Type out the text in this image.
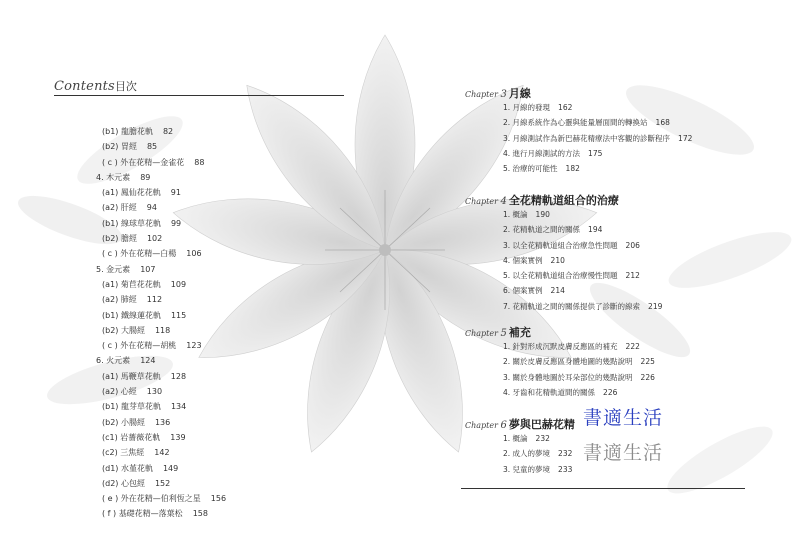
Contents目次
(b1) 龍膽花軌 82
(b2) 胃經 85
( c ) 外在花精—金雀花 88
4. 木元素 89
(a1) 鳳仙花花軌 91
(a2) 肝經 94
(b1) 線球草花軌 99
(b2) 膽經 102
( c ) 外在花精—白楊 106
5. 金元素 107
(a1) 菊苣花花軌 109
(a2) 肺經 112
(b1) 鐵線蓮花軌 115
(b2) 大腸經 118
( c ) 外在花精—胡桃 123
6. 火元素 124
(a1) 馬鞭草花軌 128
(a2) 心經 130
(b1) 龍芽草花軌 134
(b2) 小腸經 136
(c1) 岩薔薇花軌 139
(c2) 三焦經 142
(d1) 水堇花軌 149
(d2) 心包經 152
( e ) 外在花精—伯利恆之星 156
( f ) 基礎花精—落葉松 158
Chapter 3 月線
1. 月線的發現 162
2. 月線系統作為心靈與能量層面間的轉換站 168
3. 月線測試作為新巴赫花精療法中客觀的診斷程序 172
4. 進行月線測試的方法 175
5. 治療的可能性 182
Chapter 4 全花精軌道組合的治療
1. 概論 190
2. 花精軌道之間的關係 194
3. 以全花精軌道組合治療急性問題 206
4. 個案實例 210
5. 以全花精軌道組合治療慢性問題 212
6. 個案實例 214
7. 花精軌道之間的關係提供了診斷的線索 219
Chapter 5 補充
1. 針對形成沉默皮膚反應區的補充 222
2. 關於皮膚反應區身體地圖的幾點說明 225
3. 關於身體地圖於耳朵部位的幾點說明 226
4. 牙齒和花精軌道間的關係 226
Chapter 6 夢與巴赫花精
1. 概論 232
2. 成人的夢境 232
3. 兒童的夢境 233
書適生活
書適生活
